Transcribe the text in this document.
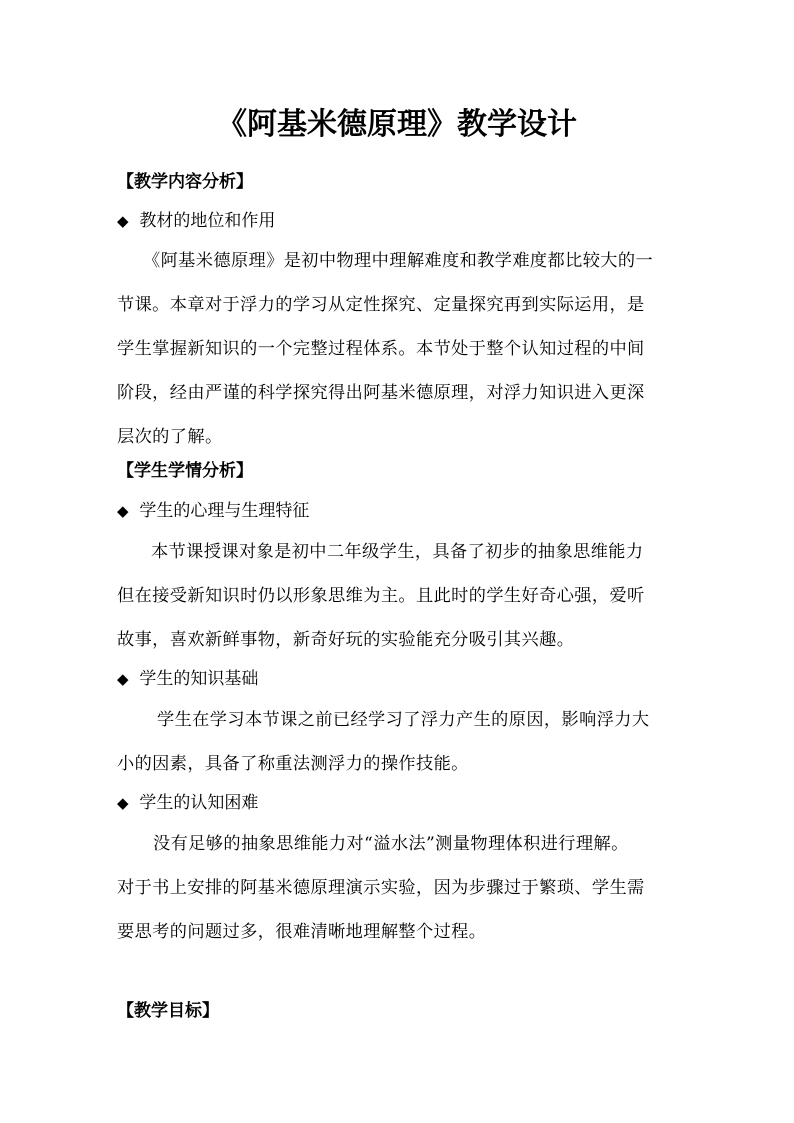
《阿基米德原理》教学设计
【教学内容分析】
◆ 教材的地位和作用
《阿基米德原理》是初中物理中理解难度和教学难度都比较大的一
节课。本章对于浮力的学习从定性探究、定量探究再到实际运用，是
学生掌握新知识的一个完整过程体系。本节处于整个认知过程的中间
阶段，经由严谨的科学探究得出阿基米德原理，对浮力知识进入更深
层次的了解。
【学生学情分析】
◆ 学生的心理与生理特征
本节课授课对象是初中二年级学生，具备了初步的抽象思维能力
但在接受新知识时仍以形象思维为主。且此时的学生好奇心强，爱听
故事，喜欢新鲜事物，新奇好玩的实验能充分吸引其兴趣。
◆ 学生的知识基础
学生在学习本节课之前已经学习了浮力产生的原因，影响浮力大
小的因素，具备了称重法测浮力的操作技能。
◆ 学生的认知困难
没有足够的抽象思维能力对“溢水法”测量物理体积进行理解。
对于书上安排的阿基米德原理演示实验，因为步骤过于繁琐、学生需
要思考的问题过多，很难清晰地理解整个过程。
【教学目标】
